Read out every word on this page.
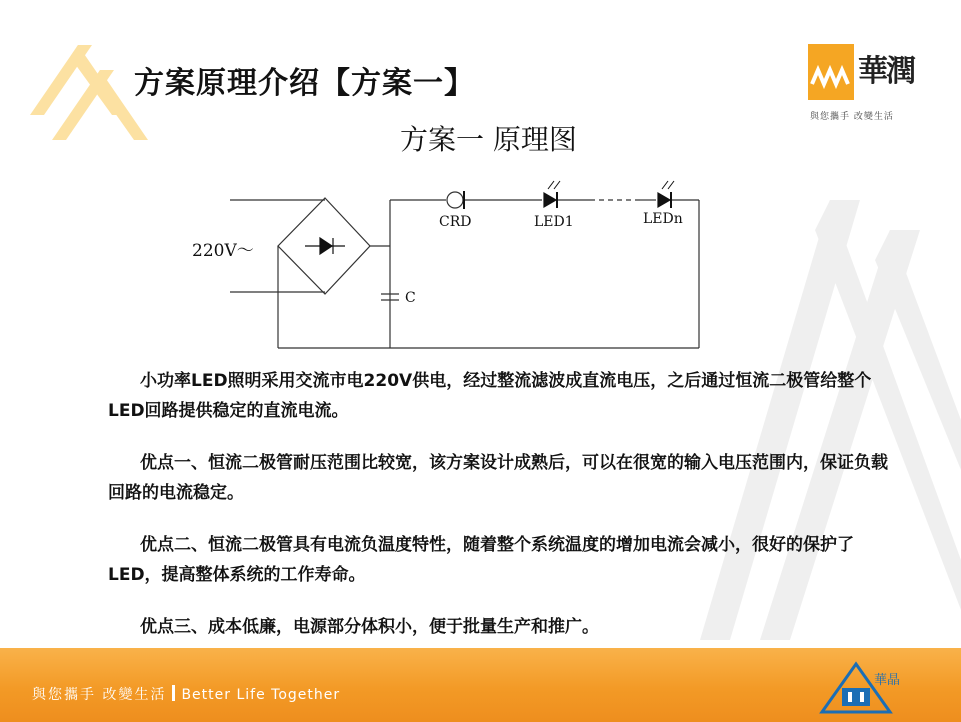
方案原理介绍【方案一】	華潤
與您攜手 改變生活
方案一 原理图
220V～
C
CRD	LED1	LEDn

小功率LED照明采用交流市电220V供电，经过整流滤波成直流电压，之后通过恒流二极管给整个LED回路提供稳定的直流电流。

优点一、恒流二极管耐压范围比较宽，该方案设计成熟后，可以在很宽的输入电压范围内，保证负载回路的电流稳定。

优点二、恒流二极管具有电流负温度特性，随着整个系统温度的增加电流会减小，很好的保护了LED，提高整体系统的工作寿命。

优点三、成本低廉，电源部分体积小，便于批量生产和推广。

與您攜手 改變生活 Better Life Together
華晶
